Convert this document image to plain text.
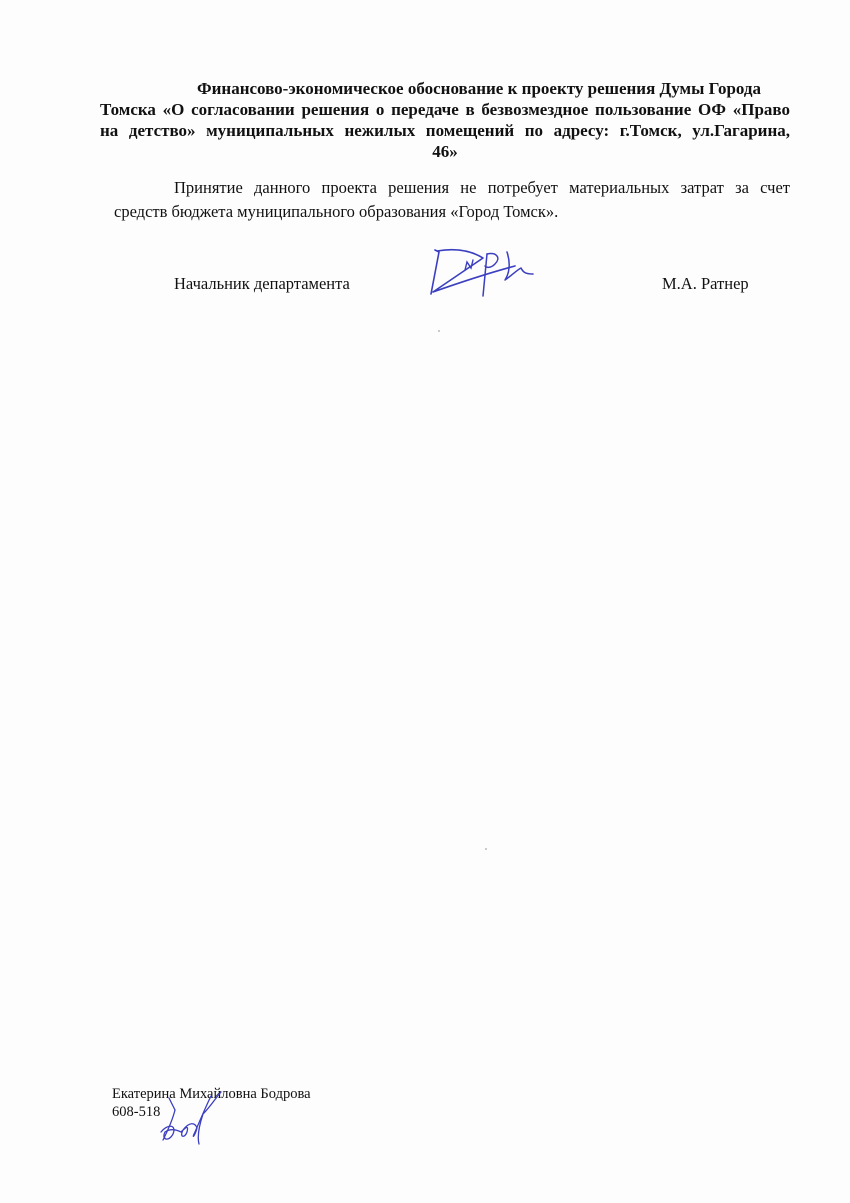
Финансово-экономическое обоснование к проекту решения Думы Города
Томска «О согласовании решения о передаче в безвозмездное пользование ОФ «Право
на детство» муниципальных нежилых помещений по адресу: г.Томск, ул.Гагарина,
46»
Принятие данного проекта решения не потребует материальных затрат за счет
средств бюджета муниципального образования «Город Томск».
Начальник департамента	М.А. Ратнер
Екатерина Михайловна Бодрова
608-518
